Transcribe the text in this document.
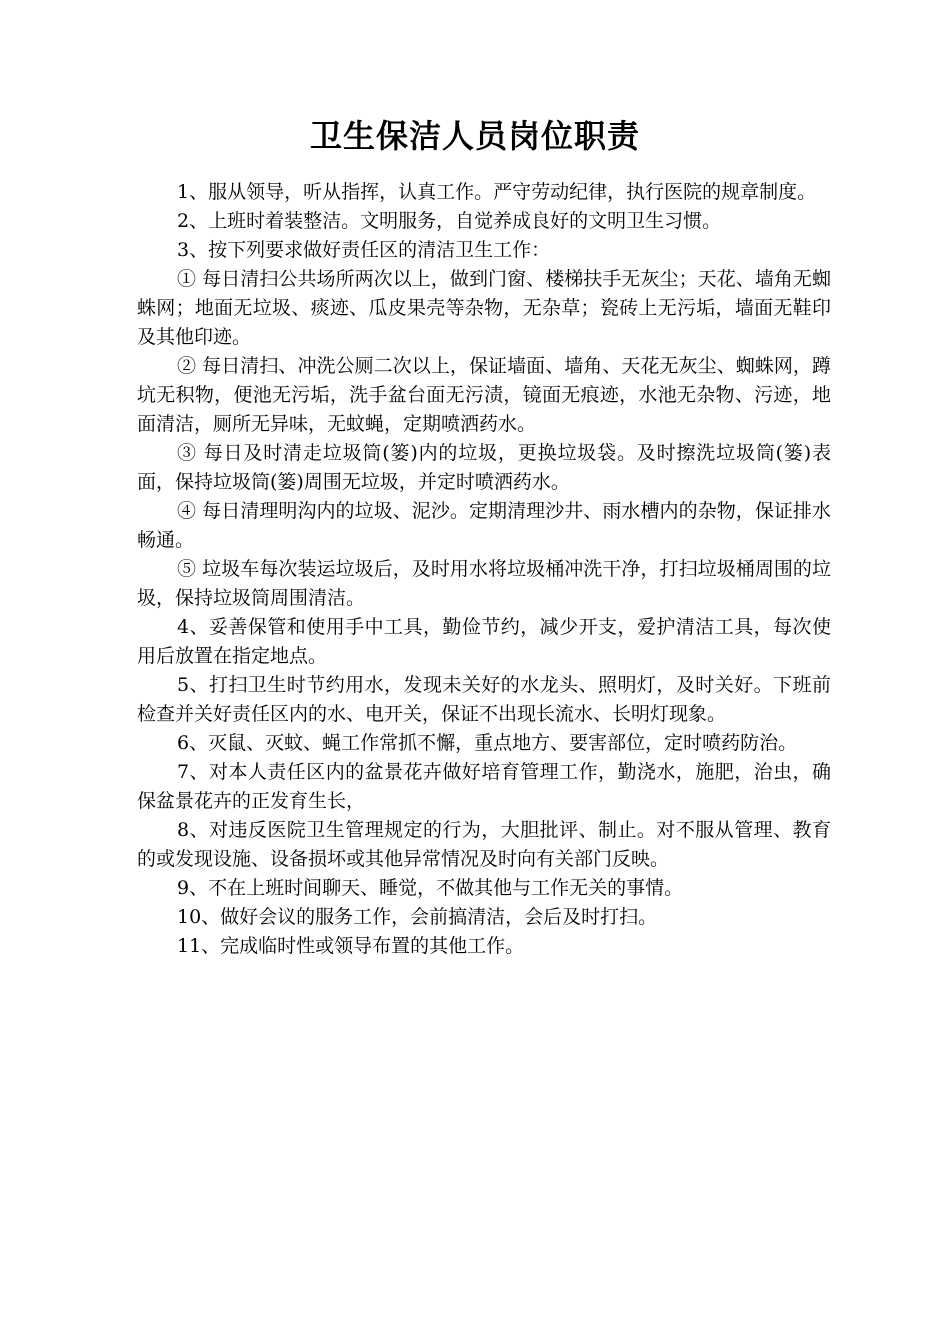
卫生保洁人员岗位职责

1、服从领导，听从指挥，认真工作。严守劳动纪律，执行医院的规章制度。

2、上班时着装整洁。文明服务，自觉养成良好的文明卫生习惯。

3、按下列要求做好责任区的清洁卫生工作：

① 每日清扫公共场所两次以上，做到门窗、楼梯扶手无灰尘；天花、墙角无蜘蛛网；地面无垃圾、痰迹、瓜皮果壳等杂物，无杂草；瓷砖上无污垢，墙面无鞋印及其他印迹。

② 每日清扫、冲洗公厕二次以上，保证墙面、墙角、天花无灰尘、蜘蛛网，蹲坑无积物，便池无污垢，洗手盆台面无污渍，镜面无痕迹，水池无杂物、污迹，地面清洁，厕所无异味，无蚊蝇，定期喷洒药水。

③ 每日及时清走垃圾筒(篓)内的垃圾，更换垃圾袋。及时擦洗垃圾筒(篓)表面，保持垃圾筒(篓)周围无垃圾，并定时喷洒药水。

④ 每日清理明沟内的垃圾、泥沙。定期清理沙井、雨水槽内的杂物，保证排水畅通。

⑤ 垃圾车每次装运垃圾后，及时用水将垃圾桶冲洗干净，打扫垃圾桶周围的垃圾，保持垃圾筒周围清洁。

4、妥善保管和使用手中工具，勤俭节约，减少开支，爱护清洁工具，每次使用后放置在指定地点。

5、打扫卫生时节约用水，发现未关好的水龙头、照明灯，及时关好。下班前检查并关好责任区内的水、电开关，保证不出现长流水、长明灯现象。

6、灭鼠、灭蚊、蝇工作常抓不懈，重点地方、要害部位，定时喷药防治。

7、对本人责任区内的盆景花卉做好培育管理工作，勤浇水，施肥，治虫，确保盆景花卉的正发育生长，

8、对违反医院卫生管理规定的行为，大胆批评、制止。对不服从管理、教育的或发现设施、设备损坏或其他异常情况及时向有关部门反映。

9、不在上班时间聊天、睡觉，不做其他与工作无关的事情。

10、做好会议的服务工作，会前搞清洁，会后及时打扫。

11、完成临时性或领导布置的其他工作。
